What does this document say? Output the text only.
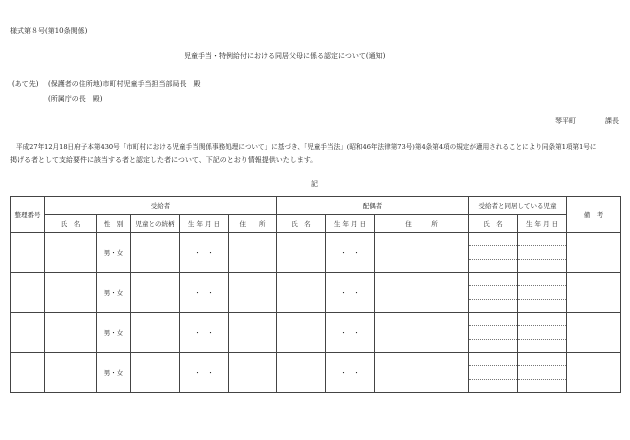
様式第８号(第10条関係)
児童手当・特例給付における同居父母に係る認定について(通知)
(あて先) (保護者の住所地)市町村児童手当担当部局長　殿
(所属庁の長　殿)
琴平町	課長
平成27年12月18日府子本第430号「市町村における児童手当関係事務処理について」に基づき、「児童手当法」(昭和46年法律第73号)第4条第4項の規定が適用されることにより同条第1項第1号に
掲げる者として支給要件に該当する者と認定した者について、下記のとおり情報提供いたします。
記
整理番号	受給者					配偶者			受給者と同居している児童		備　考
	氏　名	性　別	児童との続柄	生 年 月 日	住　　所	氏　名	生 年 月 日	住　　　所	氏　名	生 年 月 日	
		男・女		・　・			・　・		

		男・女		・　・			・　・		

		男・女		・　・			・　・		

		男・女		・　・			・　・		
